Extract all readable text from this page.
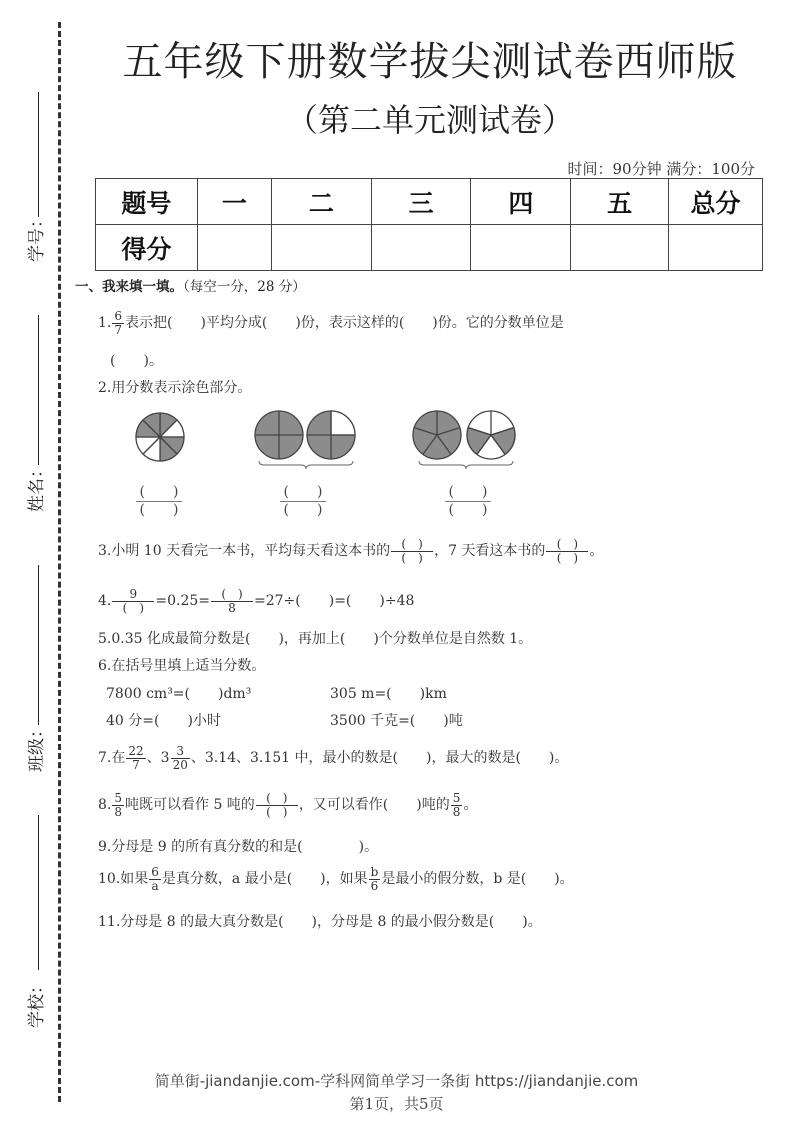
学号：
姓名：
班级：
学校：
五年级下册数学拔尖测试卷西师版
（第二单元测试卷）
时间：90分钟 满分：100分
题号	一	二	三	四	五	总分
得分						
一、我来填一填。（每空一分，28 分）
1. $\frac{6}{7}$ 表示把(　　)平均分成(　　)份，表示这样的(　　)份。它的分数单位是
(　　)。
2.用分数表示涂色部分。
(　　)
(　　)
(　　)
(　　)
(　　)
(　　)
3.小明 10 天看完一本书，平均每天看这本书的 $\frac{( )}{( )}$ ，7 天看这本书的 $\frac{( )}{( )}$ 。
4. $\frac{9}{( )} =0.25= \frac{( )}{8} =27\div$(　　)=(　　)÷48
5.0.35 化成最简分数是(　　)，再加上(　　)个分数单位是自然数 1。
6.在括号里填上适当分数。
7800 cm³=(　　)dm³	305 m=(　　)km
40 分=(　　)小时	3500 千克=(　　)吨
7.在 $\frac{22}{7}$ 、$3 \frac{3}{20}$ 、3.14、3.151 中，最小的数是(　　)，最大的数是(　　)。
8. $\frac{5}{8}$ 吨既可以看作 5 吨的 $\frac{( )}{( )}$ ，又可以看作(　　)吨的 $\frac{5}{8}$ 。
9.分母是 9 的所有真分数的和是(　　　　)。
10.如果 $\frac{6}{a}$ 是真分数，a 最小是(　　)，如果 $\frac{b}{6}$ 是最小的假分数，b 是(　　)。
11.分母是 8 的最大真分数是(　　)，分母是 8 的最小假分数是(　　)。
简单街-jiandanjie.com-学科网简单学习一条街 https://jiandanjie.com
第1页，共5页
